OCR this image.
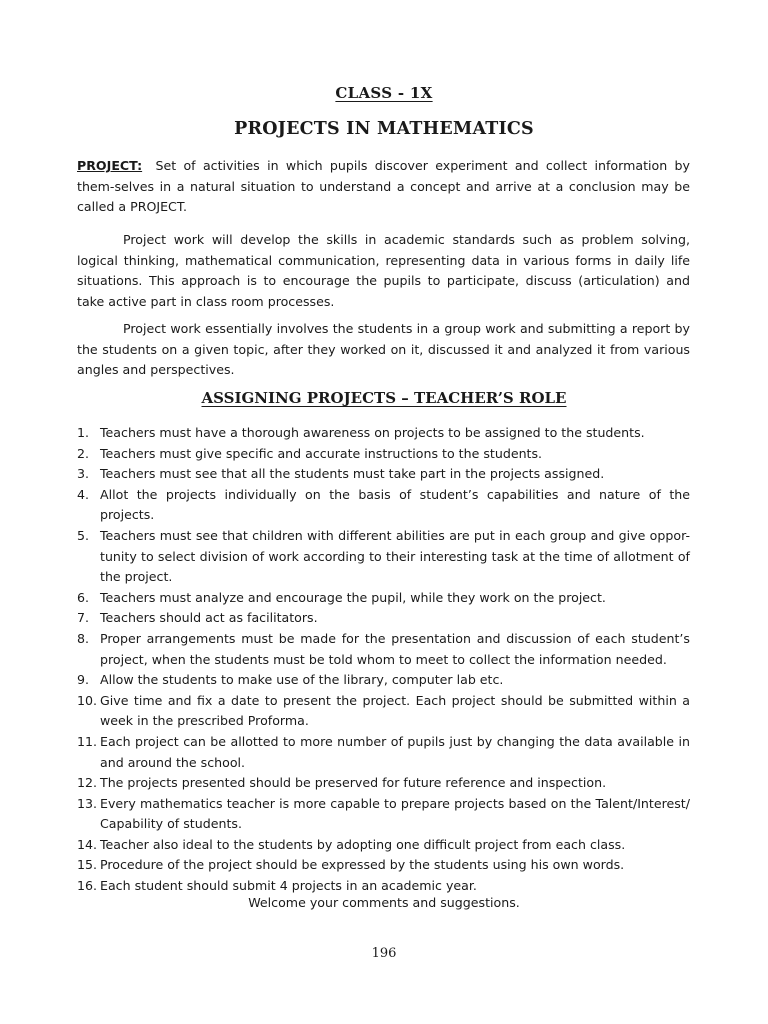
CLASS - 1X
PROJECTS IN MATHEMATICS

PROJECT: Set of activities in which pupils discover experiment and collect information by them-selves in a natural situation to understand a concept and arrive at a conclusion may be called a PROJECT.

Project work will develop the skills in academic standards such as problem solving, logical thinking, mathematical communication, representing data in various forms in daily life situations. This approach is to encourage the pupils to participate, discuss (articulation) and take active part in class room processes.

Project work essentially involves the students in a group work and submitting a report by the students on a given topic, after they worked on it, discussed it and analyzed it from various angles and perspectives.

ASSIGNING PROJECTS – TEACHER’S ROLE
1. Teachers must have a thorough awareness on projects to be assigned to the students.
2. Teachers must give specific and accurate instructions to the students.
3. Teachers must see that all the students must take part in the projects assigned.
4. Allot the projects individually on the basis of student’s capabilities and nature of the projects.
5. Teachers must see that children with different abilities are put in each group and give oppor-tunity to select division of work according to their interesting task at the time of allotment of the project.
6. Teachers must analyze and encourage the pupil, while they work on the project.
7. Teachers should act as facilitators.
8. Proper arrangements must be made for the presentation and discussion of each student’s project, when the students must be told whom to meet to collect the information needed.
9. Allow the students to make use of the library, computer lab etc.
10. Give time and fix a date to present the project. Each project should be submitted within a week in the prescribed Proforma.
11. Each project can be allotted to more number of pupils just by changing the data available in and around the school.
12. The projects presented should be preserved for future reference and inspection.
13. Every mathematics teacher is more capable to prepare projects based on the Talent/Interest/ Capability of students.
14. Teacher also ideal to the students by adopting one difficult project from each class.
15. Procedure of the project should be expressed by the students using his own words.
16. Each student should submit 4 projects in an academic year.
Welcome your comments and suggestions.
196
